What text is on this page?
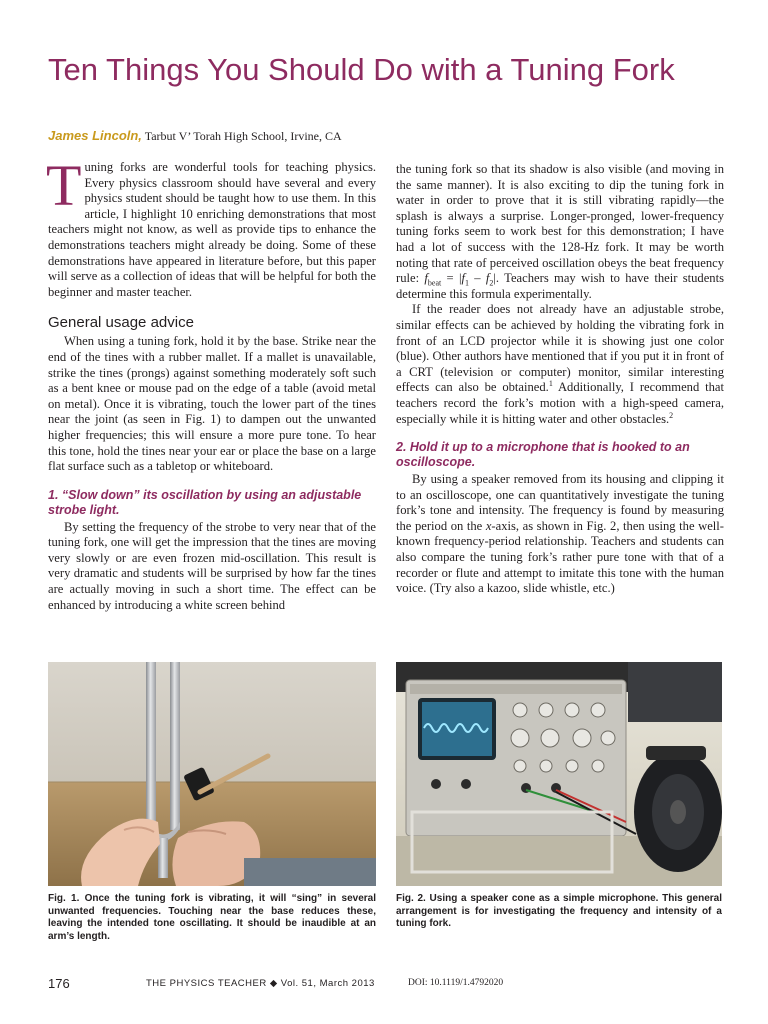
Ten Things You Should Do with a Tuning Fork
James Lincoln, Tarbut V’ Torah High School, Irvine, CA

Tuning forks are wonderful tools for teaching physics. Every physics classroom should have several and every physics student should be taught how to use them. In this article, I highlight 10 enriching demonstrations that most teachers might not know, as well as provide tips to enhance the demonstrations teachers might already be doing. Some of these demonstrations have appeared in literature before, but this paper will serve as a collection of ideas that will be helpful for both the beginner and master teacher.

General usage advice

When using a tuning fork, hold it by the base. Strike near the end of the tines with a rubber mallet. If a mallet is unavailable, strike the tines (prongs) against something moderately soft such as a bent knee or mouse pad on the edge of a table (avoid metal on metal). Once it is vibrating, touch the lower part of the tines near the joint (as seen in Fig. 1) to dampen out the unwanted higher frequencies; this will ensure a more pure tone. To hear this tone, hold the tines near your ear or place the base on a large flat surface such as a tabletop or whiteboard.

1. “Slow down” its oscillation by using an adjustable strobe light.

By setting the frequency of the strobe to very near that of the tuning fork, one will get the impression that the tines are moving very slowly or are even frozen mid-oscillation. This result is very dramatic and students will be surprised by how far the tines are actually moving in such a short time. The effect can be enhanced by introducing a white screen behind

the tuning fork so that its shadow is also visible (and moving in the same manner). It is also exciting to dip the tuning fork in water in order to prove that it is still vibrating rapidly—the splash is always a surprise. Longer-pronged, lower-frequency tuning forks seem to work best for this demonstration; I have had a lot of success with the 128-Hz fork. It may be worth noting that rate of perceived oscillation obeys the beat frequency rule: $f_{beat} = |f_1 - f_2|$. Teachers may wish to have their students determine this formula experimentally.

If the reader does not already have an adjustable strobe, similar effects can be achieved by holding the vibrating fork in front of an LCD projector while it is showing just one color (blue). Other authors have mentioned that if you put it in front of a CRT (television or computer) monitor, similar interesting effects can also be obtained.$^1$ Additionally, I recommend that teachers record the fork’s motion with a high-speed camera, especially while it is hitting water and other obstacles.$^2$

2. Hold it up to a microphone that is hooked to an oscilloscope.

By using a speaker removed from its housing and clipping it to an oscilloscope, one can quantitatively investigate the tuning fork’s tone and intensity. The frequency is found by measuring the period on the x-axis, as shown in Fig. 2, then using the well-known frequency-period relationship. Teachers and students can also compare the tuning fork’s rather pure tone with that of a recorder or flute and attempt to imitate this tone with the human voice. (Try also a kazoo, slide whistle, etc.)

Fig. 1. Once the tuning fork is vibrating, it will “sing” in several unwanted frequencies. Touching near the base reduces these, leaving the intended tone oscillating. It should be inaudible at an arm’s length.
Fig. 2. Using a speaker cone as a simple microphone. This general arrangement is for investigating the frequency and intensity of a tuning fork.
176	THE PHYSICS TEACHER ◆ Vol. 51, March 2013	DOI: 10.1119/1.4792020
